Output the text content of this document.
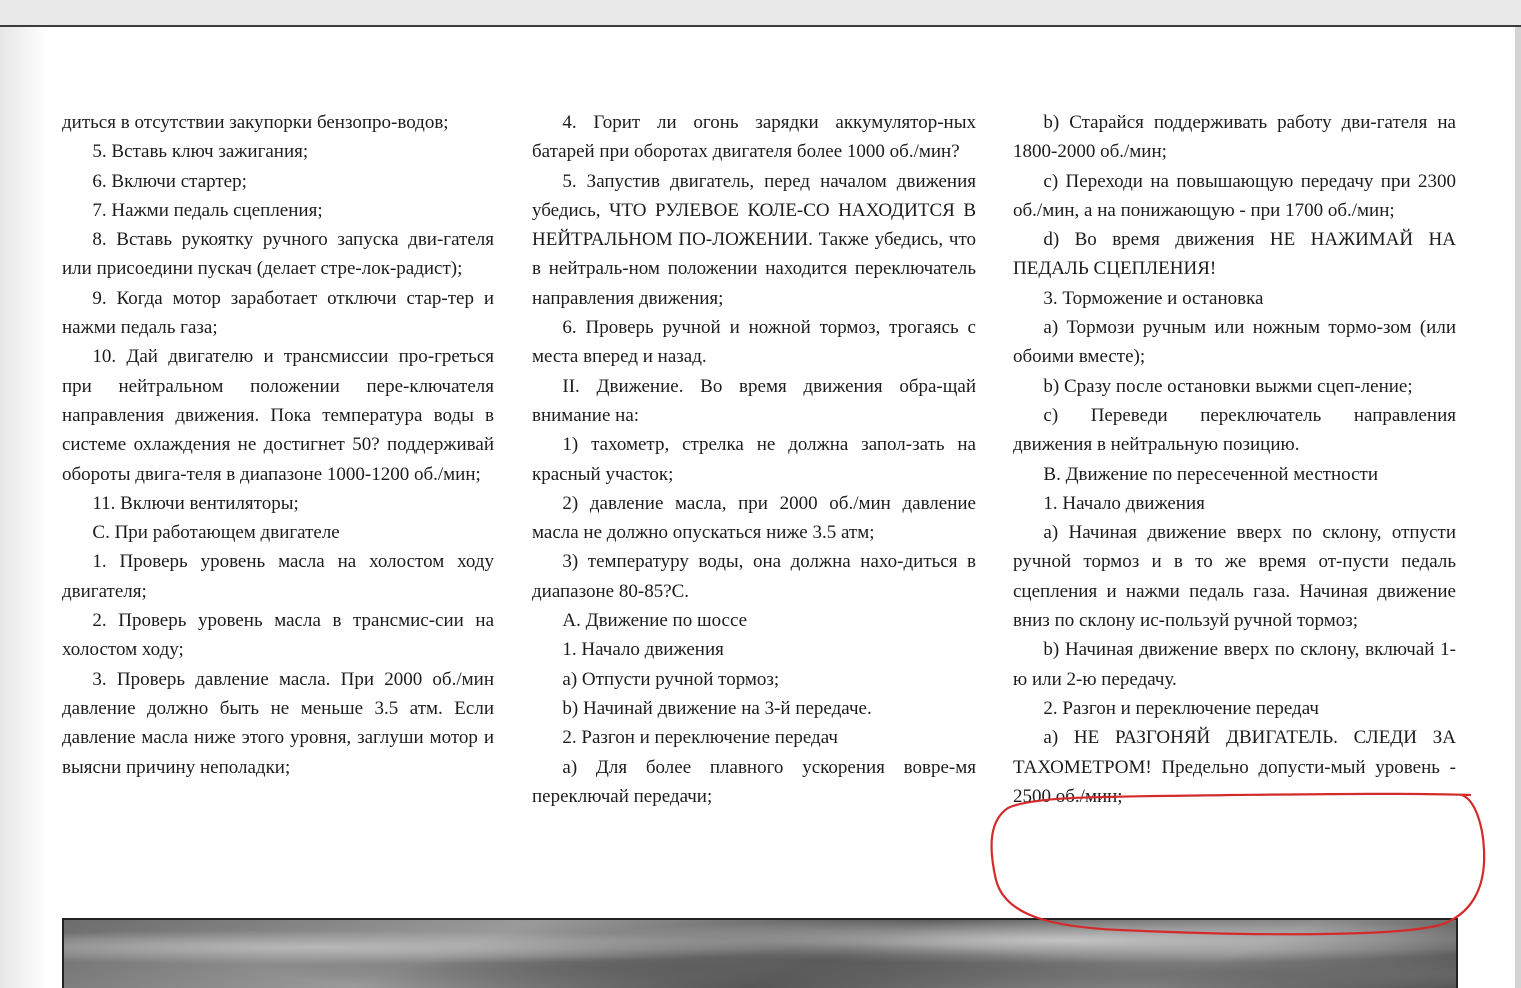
диться в отсутствии закупорки бензопро-водов;

5. Вставь ключ зажигания;

6. Включи стартер;

7. Нажми педаль сцепления;

8. Вставь рукоятку ручного запуска дви-гателя или присоедини пускач (делает стре-лок-радист);

9. Когда мотор заработает отключи стар-тер и нажми педаль газа;

10. Дай двигателю и трансмиссии про-греться при нейтральном положении пере-ключателя направления движения. Пока температура воды в системе охлаждения не достигнет 50? поддерживай обороты двига-теля в диапазоне 1000-1200 об./мин;

11. Включи вентиляторы;

С. При работающем двигателе

1. Проверь уровень масла на холостом ходу двигателя;

2. Проверь уровень масла в трансмис-сии на холостом ходу;

3. Проверь давление масла. При 2000 об./мин давление должно быть не меньше 3.5 атм. Если давление масла ниже этого уровня, заглуши мотор и выясни причину неполадки;

4. Горит ли огонь зарядки аккумулятор-ных батарей при оборотах двигателя более 1000 об./мин?

5. Запустив двигатель, перед началом движения убедись, ЧТО РУЛЕВОЕ КОЛЕ-СО НАХОДИТСЯ В НЕЙТРАЛЬНОМ ПО-ЛОЖЕНИИ. Также убедись, что в нейтраль-ном положении находится переключатель направления движения;

6. Проверь ручной и ножной тормоз, трогаясь с места вперед и назад.

II. Движение. Во время движения обра-щай внимание на:

1) тахометр, стрелка не должна запол-зать на красный участок;

2) давление масла, при 2000 об./мин давление масла не должно опускаться ниже 3.5 атм;

3) температуру воды, она должна нахо-диться в диапазоне 80-85?С.

А. Движение по шоссе

1. Начало движения

а) Отпусти ручной тормоз;

b) Начинай движение на 3-й передаче.

2. Разгон и переключение передач

а) Для более плавного ускорения вовре-мя переключай передачи;

b) Старайся поддерживать работу дви-гателя на 1800-2000 об./мин;

с) Переходи на повышающую передачу при 2300 об./мин, а на понижающую - при 1700 об./мин;

d) Во время движения НЕ НАЖИМАЙ НА ПЕДАЛЬ СЦЕПЛЕНИЯ!

3. Торможение и остановка

а) Тормози ручным или ножным тормо-зом (или обоими вместе);

b) Сразу после остановки выжми сцеп-ление;

с) Переведи переключатель направления движения в нейтральную позицию.

В. Движение по пересеченной местности

1. Начало движения

а) Начиная движение вверх по склону, отпусти ручной тормоз и в то же время от-пусти педаль сцепления и нажми педаль газа. Начиная движение вниз по склону ис-пользуй ручной тормоз;

b) Начиная движение вверх по склону, включай 1-ю или 2-ю передачу.

2. Разгон и переключение передач

а) НЕ РАЗГОНЯЙ ДВИГАТЕЛЬ. СЛЕДИ ЗА ТАХОМЕТРОМ! Предельно допусти-мый уровень - 2500 об./мин;
